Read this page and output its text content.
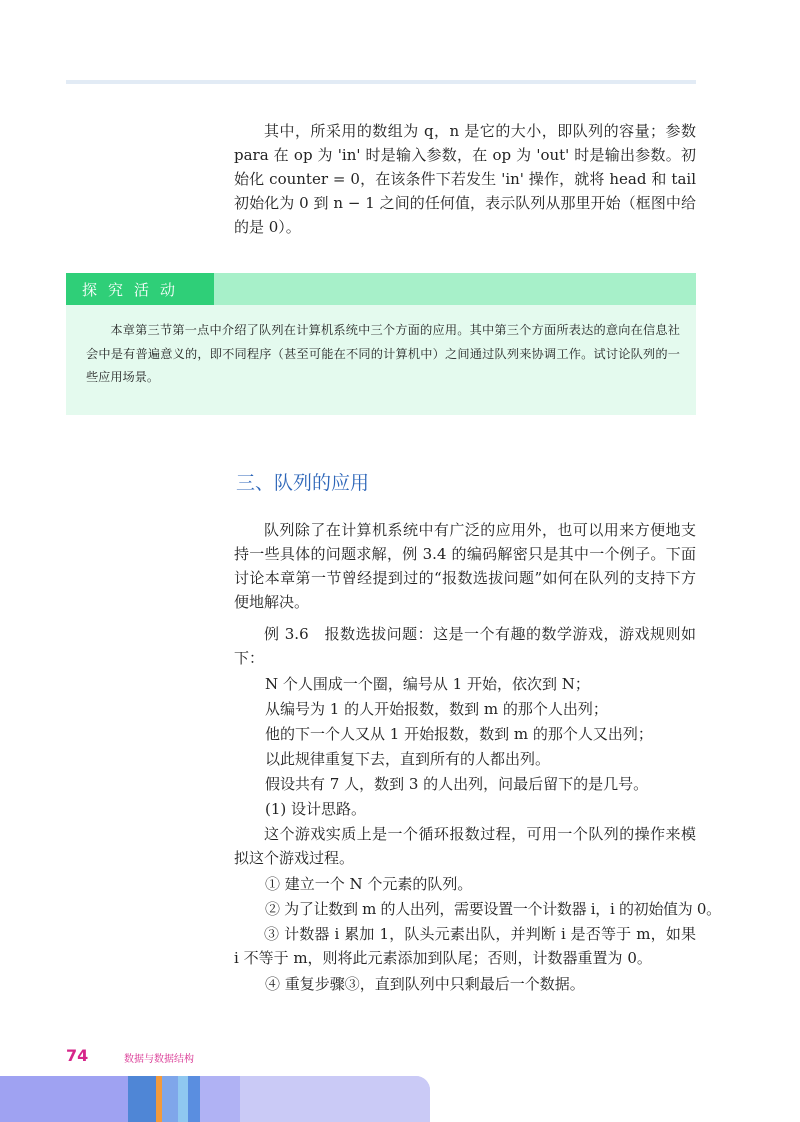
其中，所采用的数组为 q，n 是它的大小，即队列的容量；参数 para 在 op 为 'in' 时是输入参数，在 op 为 'out' 时是输出参数。初始化 counter = 0，在该条件下若发生 'in' 操作，就将 head 和 tail 初始化为 0 到 n − 1 之间的任何值，表示队列从那里开始（框图中给的是 0）。

探究活动

本章第三节第一点中介绍了队列在计算机系统中三个方面的应用。其中第三个方面所表达的意向在信息社会中是有普遍意义的，即不同程序（甚至可能在不同的计算机中）之间通过队列来协调工作。试讨论队列的一些应用场景。

三、队列的应用

队列除了在计算机系统中有广泛的应用外，也可以用来方便地支持一些具体的问题求解，例 3.4 的编码解密只是其中一个例子。下面讨论本章第一节曾经提到过的“报数选拔问题”如何在队列的支持下方便地解决。

例 3.6　报数选拔问题：这是一个有趣的数学游戏，游戏规则如下：

N 个人围成一个圈，编号从 1 开始，依次到 N；
从编号为 1 的人开始报数，数到 m 的那个人出列；
他的下一个人又从 1 开始报数，数到 m 的那个人又出列；
以此规律重复下去，直到所有的人都出列。
假设共有 7 人，数到 3 的人出列，问最后留下的是几号。
(1) 设计思路。

这个游戏实质上是一个循环报数过程，可用一个队列的操作来模拟这个游戏过程。

① 建立一个 N 个元素的队列。
② 为了让数到 m 的人出列，需要设置一个计数器 i，i 的初始值为 0。

③ 计数器 i 累加 1，队头元素出队，并判断 i 是否等于 m，如果 i 不等于 m，则将此元素添加到队尾；否则，计数器重置为 0。

④ 重复步骤③，直到队列中只剩最后一个数据。
74	数据与数据结构
